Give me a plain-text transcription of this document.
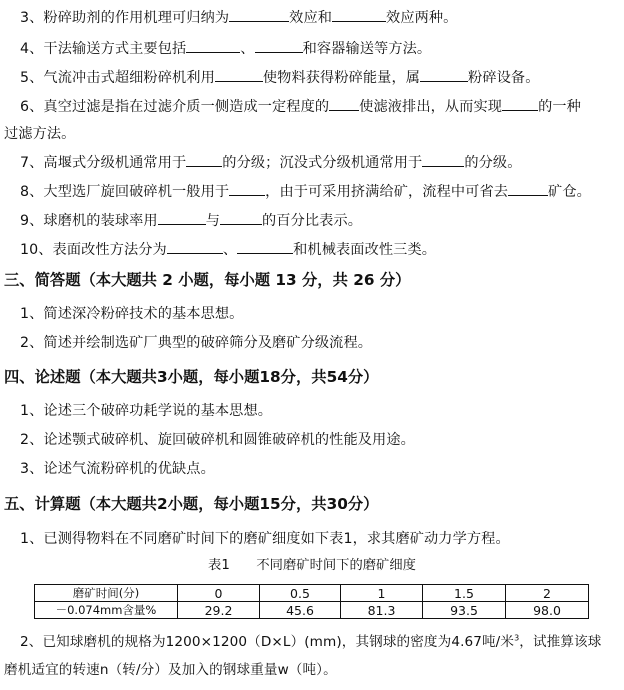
3、粉碎助剂的作用机理可归纳为	效应和	效应两种。
4、干法输送方式主要包括	、	和容器输送等方法。
5、气流冲击式超细粉碎机利用	使物料获得粉碎能量，属	粉碎设备。
6、真空过滤是指在过滤介质一侧造成一定程度的 使滤液排出，从而实现	的一种
过滤方法。
7、高堰式分级机通常用于	的分级；沉没式分级机通常用于	的分级。
8、大型选厂旋回破碎机一般用于	，由于可采用挤满给矿，流程中可省去	矿仓。
9、球磨机的装球率用	与	的百分比表示。
10、表面改性方法分为	、	和机械表面改性三类。
三、简答题（本大题共 2 小题，每小题 13 分，共 26 分）
1、简述深冷粉碎技术的基本思想。
2、简述并绘制选矿厂典型的破碎筛分及磨矿分级流程。
四、论述题（本大题共3小题，每小题18分，共54分）
1、论述三个破碎功耗学说的基本思想。
2、论述颚式破碎机、旋回破碎机和圆锥破碎机的性能及用途。
3、论述气流粉碎机的优缺点。
五、计算题（本大题共2小题，每小题15分，共30分）
1、已测得物料在不同磨矿时间下的磨矿细度如下表1，求其磨矿动力学方程。
表1　　不同磨矿时间下的磨矿细度
磨矿时间(分)	0	0.5	1	1.5	2
－0.074mm含量%	29.2	45.6	81.3	93.5	98.0
2、已知球磨机的规格为1200×1200（D×L）(mm)，其钢球的密度为4.67吨/米$^3$，试推算该球
磨机适宜的转速n（转/分）及加入的钢球重量w（吨）。
